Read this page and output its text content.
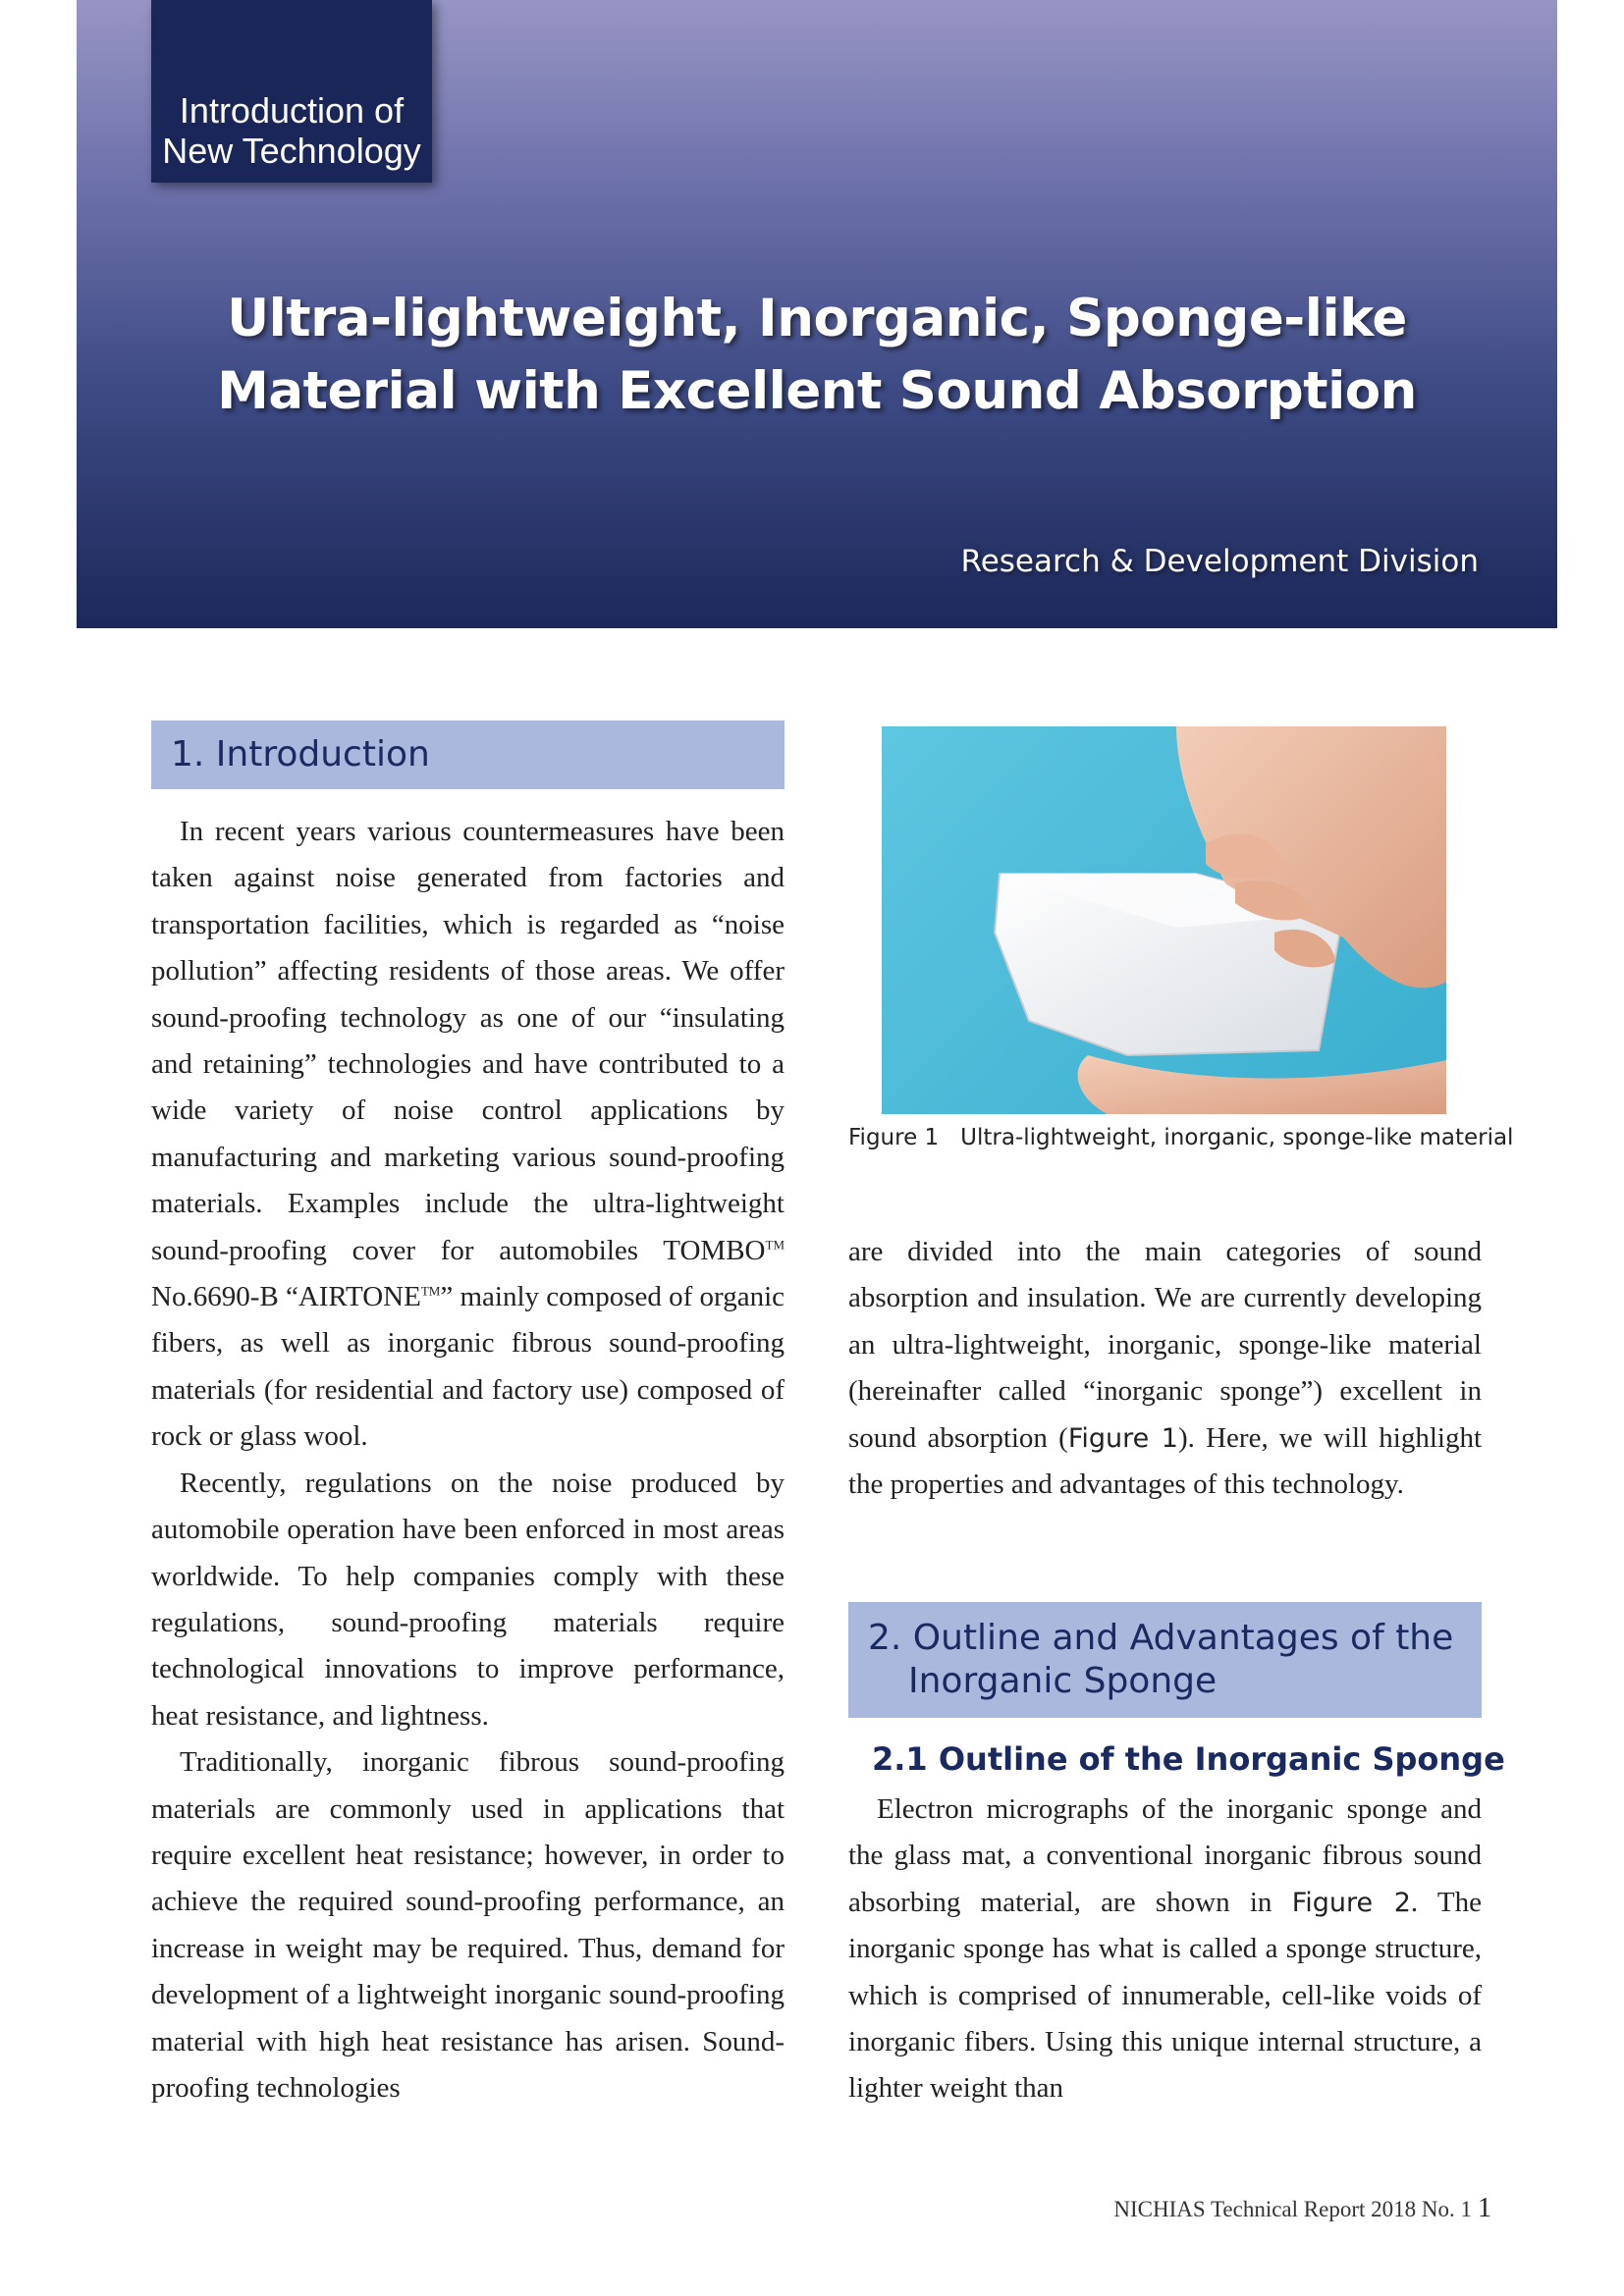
Introduction of
New Technology
Ultra-lightweight, Inorganic, Sponge-like
Material with Excellent Sound Absorption
Research & Development Division
1. Introduction

In recent years various countermeasures have been taken against noise generated from factories and transportation facilities, which is regarded as “noise pollution” affecting residents of those areas. We offer sound-proofing technology as one of our “insulating and retaining” technologies and have contributed to a wide variety of noise control applications by manufacturing and marketing various sound-proofing materials. Examples include the ultra-lightweight sound-proofing cover for automobiles TOMBO™ No.6690-B “AIRTONE™” mainly composed of organic fibers, as well as inorganic fibrous sound-proofing materials (for residential and factory use) composed of rock or glass wool.

Recently, regulations on the noise produced by automobile operation have been enforced in most areas worldwide. To help companies comply with these regulations, sound-proofing materials require technological innovations to improve performance, heat resistance, and lightness.

Traditionally, inorganic fibrous sound-proofing materials are commonly used in applications that require excellent heat resistance; however, in order to achieve the required sound-proofing performance, an increase in weight may be required. Thus, demand for development of a lightweight inorganic sound-proofing material with high heat resistance has arisen. Sound-proofing technologies

Figure 1 Ultra-lightweight, inorganic, sponge-like material

are divided into the main categories of sound absorption and insulation. We are currently developing an ultra-lightweight, inorganic, sponge-like material (hereinafter called “inorganic sponge”) excellent in sound absorption (Figure 1). Here, we will highlight the properties and advantages of this technology.

2. Outline and Advantages of the
Inorganic Sponge
2.1 Outline of the Inorganic Sponge

Electron micrographs of the inorganic sponge and the glass mat, a conventional inorganic fibrous sound absorbing material, are shown in Figure 2. The inorganic sponge has what is called a sponge structure, which is comprised of innumerable, cell-like voids of inorganic fibers. Using this unique internal structure, a lighter weight than

NICHIAS Technical Report 2018 No. 1 1
